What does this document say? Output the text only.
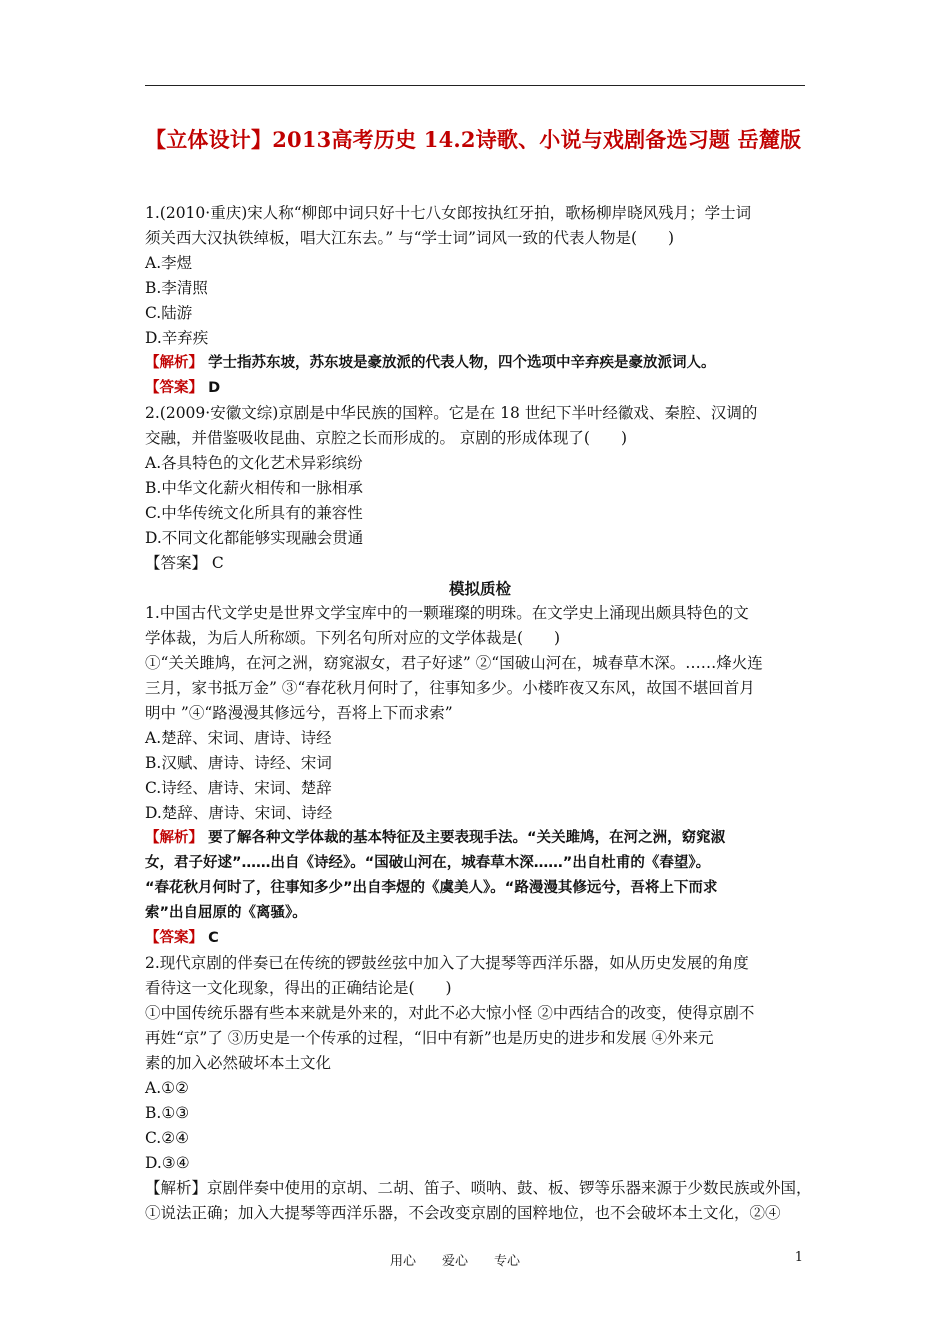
【立体设计】2013高考历史 14.2诗歌、小说与戏剧备选习题 岳麓版
1.(2010·重庆)宋人称“柳郎中词只好十七八女郎按执红牙拍，歌杨柳岸晓风残月；学士词
须关西大汉执铁绰板，唱大江东去。” 与“学士词”词风一致的代表人物是(　　)
A.李煜
B.李清照
C.陆游
D.辛弃疾
【解析】 学士指苏东坡，苏东坡是豪放派的代表人物，四个选项中辛弃疾是豪放派词人。
【答案】 D
2.(2009·安徽文综)京剧是中华民族的国粹。它是在 18 世纪下半叶经徽戏、秦腔、汉调的
交融，并借鉴吸收昆曲、京腔之长而形成的。 京剧的形成体现了(　　)
A.各具特色的文化艺术异彩缤纷
B.中华文化薪火相传和一脉相承
C.中华传统文化所具有的兼容性
D.不同文化都能够实现融会贯通
【答案】 C
模拟质检
1.中国古代文学史是世界文学宝库中的一颗璀璨的明珠。在文学史上涌现出颇具特色的文
学体裁，为后人所称颂。下列名句所对应的文学体裁是(　　)
①“关关雎鸠，在河之洲，窈窕淑女，君子好逑” ②“国破山河在，城春草木深。……烽火连
三月，家书抵万金” ③“春花秋月何时了，往事知多少。小楼昨夜又东风，故国不堪回首月
明中 ”④“路漫漫其修远兮，吾将上下而求索”
A.楚辞、宋词、唐诗、诗经
B.汉赋、唐诗、诗经、宋词
C.诗经、唐诗、宋词、楚辞
D.楚辞、唐诗、宋词、诗经
【解析】 要了解各种文学体裁的基本特征及主要表现手法。“关关雎鸠，在河之洲，窈窕淑
女，君子好逑”……出自《诗经》。“国破山河在，城春草木深……”出自杜甫的《春望》。
“春花秋月何时了，往事知多少”出自李煜的《虞美人》。“路漫漫其修远兮，吾将上下而求
索”出自屈原的《离骚》。
【答案】 C
2.现代京剧的伴奏已在传统的锣鼓丝弦中加入了大提琴等西洋乐器，如从历史发展的角度
看待这一文化现象，得出的正确结论是(　　)
①中国传统乐器有些本来就是外来的，对此不必大惊小怪 ②中西结合的改变，使得京剧不
再姓“京”了 ③历史是一个传承的过程，“旧中有新”也是历史的进步和发展 ④外来元
素的加入必然破坏本土文化
A.①②
B.①③
C.②④
D.③④
【解析】京剧伴奏中使用的京胡、二胡、笛子、唢呐、鼓、板、锣等乐器来源于少数民族或外国，
①说法正确；加入大提琴等西洋乐器，不会改变京剧的国粹地位，也不会破坏本土文化，②④
用心　　爱心　　专心	1
